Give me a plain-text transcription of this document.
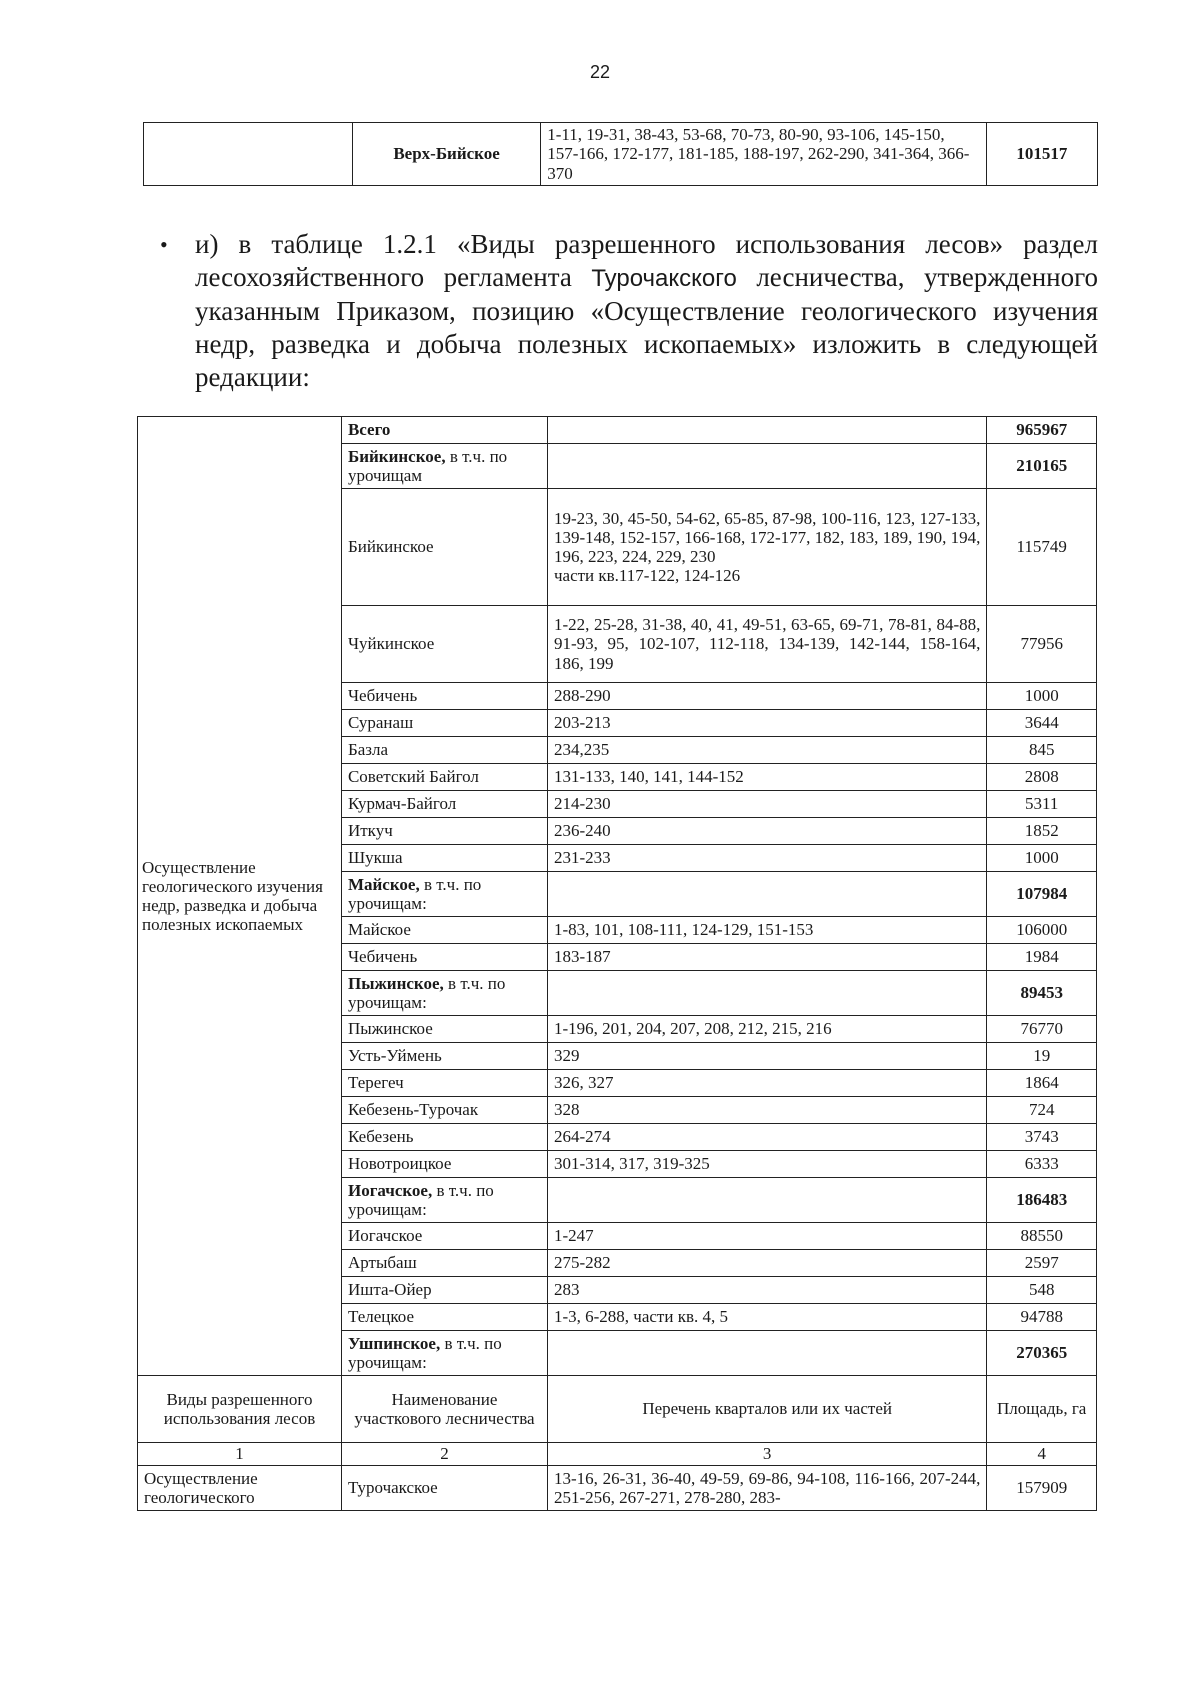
22
	Верх-Бийское	1-11, 19-31, 38-43, 53-68, 70-73, 80-90, 93-106, 145-150, 157-166, 172-177, 181-185, 188-197, 262-290, 341-364, 366-370	101517
• и) в таблице 1.2.1 «Виды разрешенного использования лесов» раздел лесохозяйственного регламента Турочакского лесничества, утвержденного указанным Приказом, позицию «Осуществление геологического изучения недр, разведка и добыча полезных ископаемых» изложить в следующей редакции:

Осуществление геологического изучения недр, разведка и добыча полезных ископаемых	Всего		965967
	Бийкинское, в т.ч. по урочищам		210165
	Бийкинское	19-23, 30, 45-50, 54-62, 65-85, 87-98, 100-116, 123, 127-133, 139-148, 152-157, 166-168, 172-177, 182, 183, 189, 190, 194, 196, 223, 224, 229, 230
части кв.117-122, 124-126	115749
	Чуйкинское	1-22, 25-28, 31-38, 40, 41, 49-51, 63-65, 69-71, 78-81, 84-88, 91-93, 95, 102-107, 112-118, 134-139, 142-144, 158-164, 186, 199	77956
	Чебичень	288-290	1000
	Суранаш	203-213	3644
	Базла	234,235	845
	Советский Байгол	131-133, 140, 141, 144-152	2808
	Курмач-Байгол	214-230	5311
	Иткуч	236-240	1852
	Шукша	231-233	1000
	Майское, в т.ч. по урочищам:		107984
	Майское	1-83, 101, 108-111, 124-129, 151-153	106000
	Чебичень	183-187	1984
	Пыжинское, в т.ч. по урочищам:		89453
	Пыжинское	1-196, 201, 204, 207, 208, 212, 215, 216	76770
	Усть-Уймень	329	19
	Терегеч	326, 327	1864
	Кебезень-Турочак	328	724
	Кебезень	264-274	3743
	Новотроицкое	301-314, 317, 319-325	6333
	Иогачское, в т.ч. по урочищам:		186483
	Иогачское	1-247	88550
	Артыбаш	275-282	2597
	Ишта-Ойер	283	548
	Телецкое	1-3, 6-288, части кв. 4, 5	94788
	Ушпинское, в т.ч. по урочищам:		270365
Виды разрешенного использования лесов	Наименование участкового лесничества	Перечень кварталов или их частей	Площадь, га
1	2	3	4
Осуществление геологического	Турочакское	13-16, 26-31, 36-40, 49-59, 69-86, 94-108, 116-166, 207-244, 251-256, 267-271, 278-280, 283-	157909
